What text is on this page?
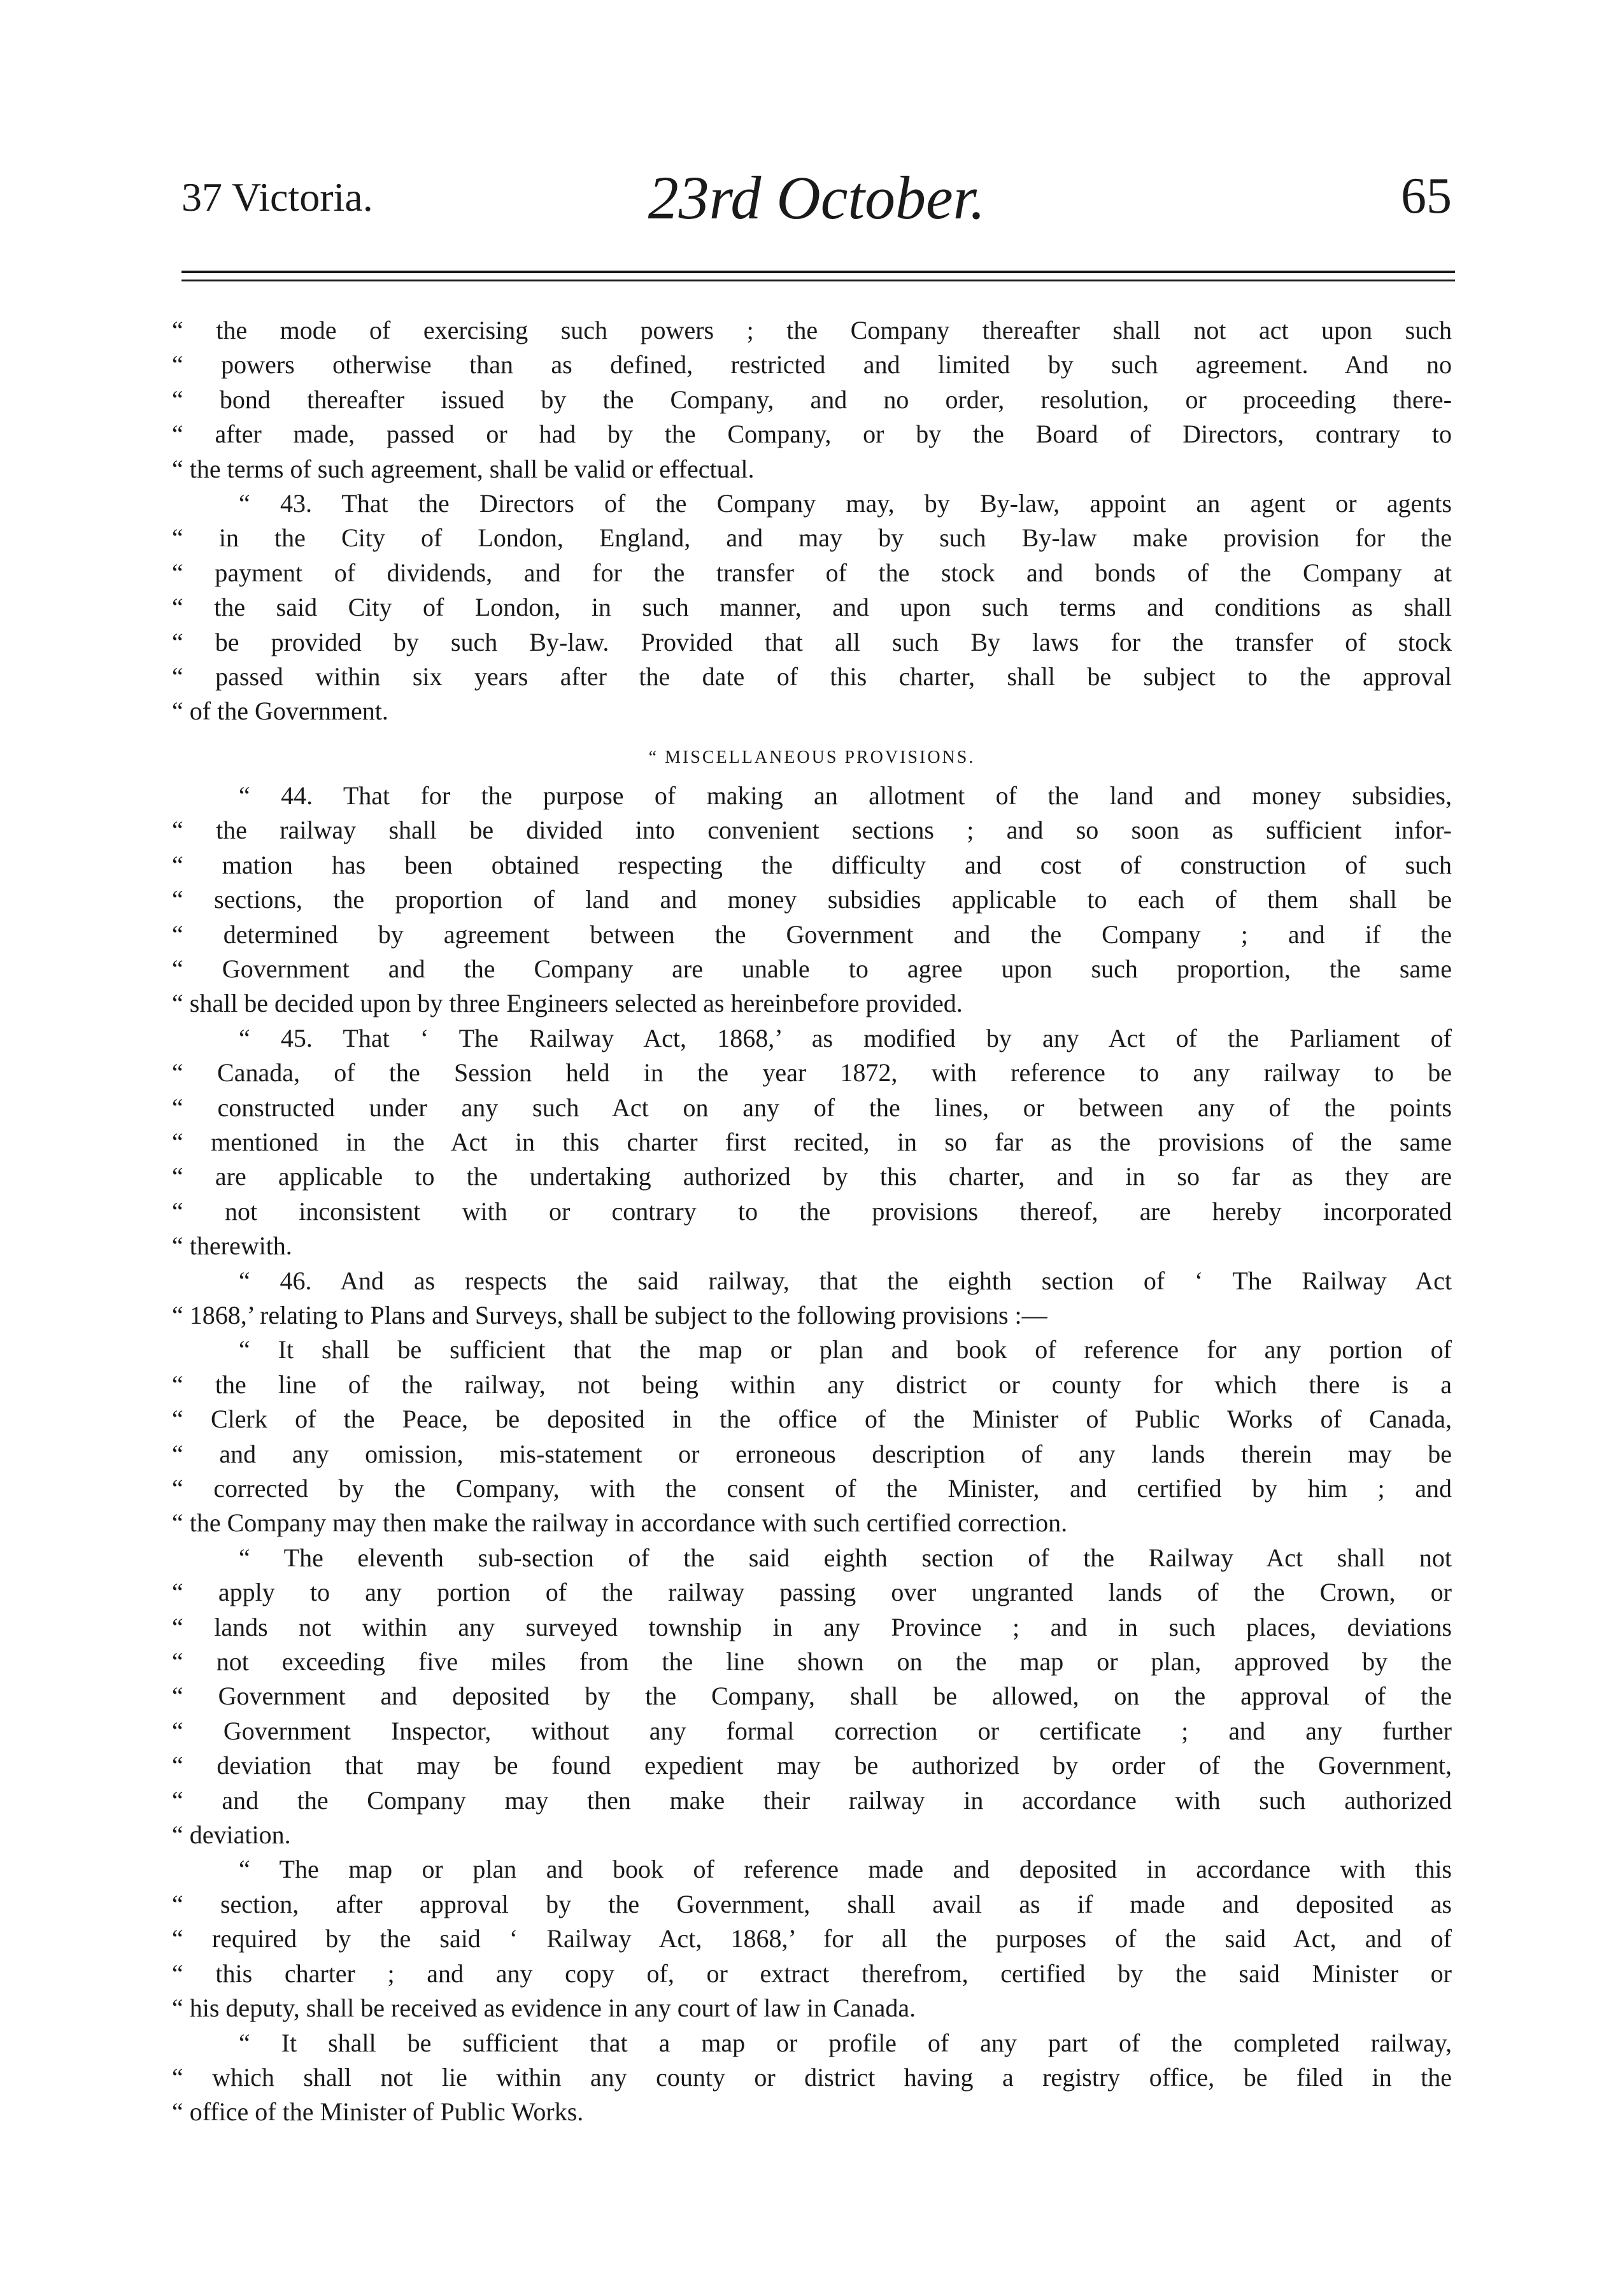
37 Victoria.	23rd October.	65

“ the mode of exercising such powers ; the Company thereafter shall not act upon such
“ powers otherwise than as defined, restricted and limited by such agreement. And no
“ bond thereafter issued by the Company, and no order, resolution, or proceeding there-
“ after made, passed or had by the Company, or by the Board of Directors, contrary to
“ the terms of such agreement, shall be valid or effectual.

“ 43. That the Directors of the Company may, by By-law, appoint an agent or agents
“ in the City of London, England, and may by such By-law make provision for the
“ payment of dividends, and for the transfer of the stock and bonds of the Company at
“ the said City of London, in such manner, and upon such terms and conditions as shall
“ be provided by such By-law. Provided that all such By laws for the transfer of stock
“ passed within six years after the date of this charter, shall be subject to the approval
“ of the Government.

“ MISCELLANEOUS PROVISIONS.

“ 44. That for the purpose of making an allotment of the land and money subsidies,
“ the railway shall be divided into convenient sections ; and so soon as sufficient infor-
“ mation has been obtained respecting the difficulty and cost of construction of such
“ sections, the proportion of land and money subsidies applicable to each of them shall be
“ determined by agreement between the Government and the Company ; and if the
“ Government and the Company are unable to agree upon such proportion, the same
“ shall be decided upon by three Engineers selected as hereinbefore provided.

“ 45. That ‘ The Railway Act, 1868,’ as modified by any Act of the Parliament of
“ Canada, of the Session held in the year 1872, with reference to any railway to be
“ constructed under any such Act on any of the lines, or between any of the points
“ mentioned in the Act in this charter first recited, in so far as the provisions of the same
“ are applicable to the undertaking authorized by this charter, and in so far as they are
“ not inconsistent with or contrary to the provisions thereof, are hereby incorporated
“ therewith.

“ 46. And as respects the said railway, that the eighth section of ‘ The Railway Act
“ 1868,’ relating to Plans and Surveys, shall be subject to the following provisions :—

“ It shall be sufficient that the map or plan and book of reference for any portion of
“ the line of the railway, not being within any district or county for which there is a
“ Clerk of the Peace, be deposited in the office of the Minister of Public Works of Canada,
“ and any omission, mis-statement or erroneous description of any lands therein may be
“ corrected by the Company, with the consent of the Minister, and certified by him ; and
“ the Company may then make the railway in accordance with such certified correction.

“ The eleventh sub-section of the said eighth section of the Railway Act shall not
“ apply to any portion of the railway passing over ungranted lands of the Crown, or
“ lands not within any surveyed township in any Province ; and in such places, deviations
“ not exceeding five miles from the line shown on the map or plan, approved by the
“ Government and deposited by the Company, shall be allowed, on the approval of the
“ Government Inspector, without any formal correction or certificate ; and any further
“ deviation that may be found expedient may be authorized by order of the Government,
“ and the Company may then make their railway in accordance with such authorized
“ deviation.

“ The map or plan and book of reference made and deposited in accordance with this
“ section, after approval by the Government, shall avail as if made and deposited as
“ required by the said ‘ Railway Act, 1868,’ for all the purposes of the said Act, and of
“ this charter ; and any copy of, or extract therefrom, certified by the said Minister or
“ his deputy, shall be received as evidence in any court of law in Canada.

“ It shall be sufficient that a map or profile of any part of the completed railway,
“ which shall not lie within any county or district having a registry office, be filed in the
“ office of the Minister of Public Works.
